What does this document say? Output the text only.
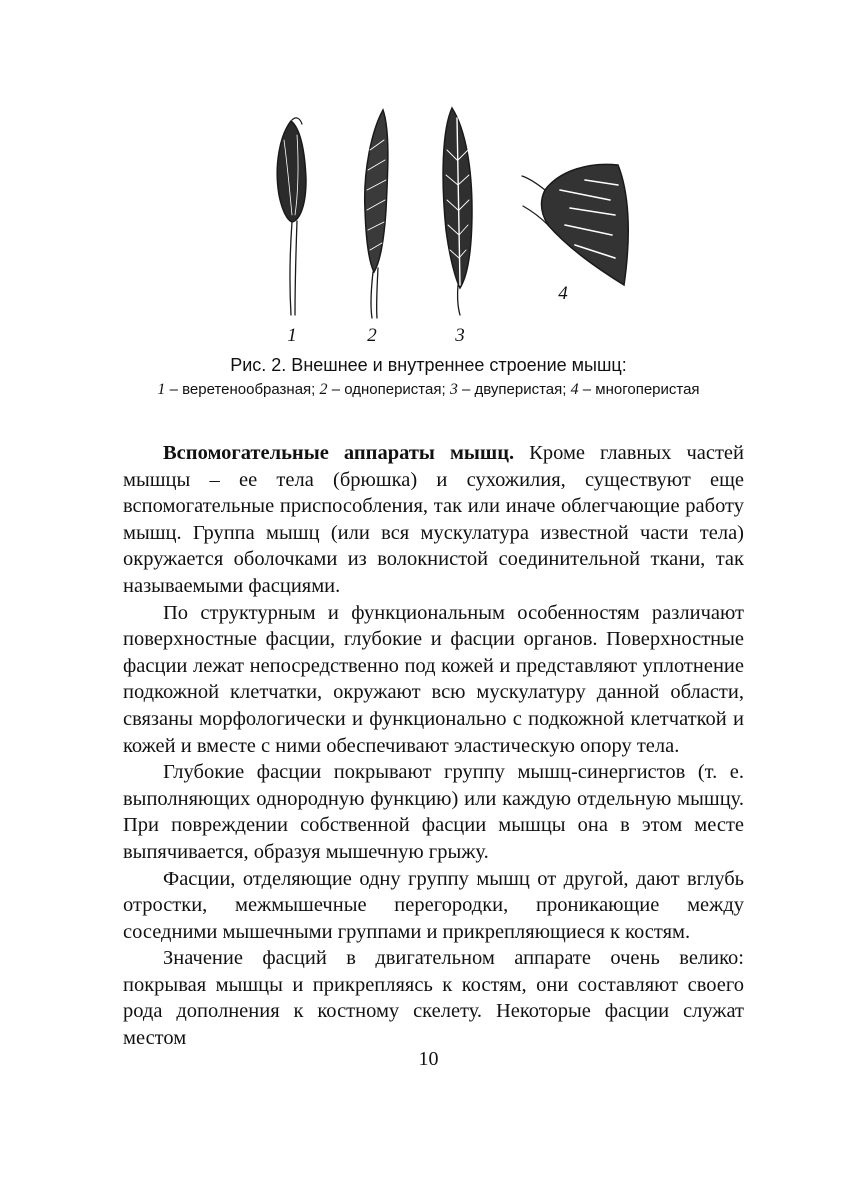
1	2	3
4
Рис. 2. Внешнее и внутреннее строение мышц:
1 – веретенообразная; 2 – одноперистая; 3 – двуперистая; 4 – многоперистая

Вспомогательные аппараты мышц. Кроме главных частей мышцы – ее тела (брюшка) и сухожилия, существуют еще вспомогательные приспособления, так или иначе облегчающие работу мышц. Группа мышц (или вся мускулатура известной части тела) окружается оболочками из волокнистой соединительной ткани, так называемыми фасциями.

По структурным и функциональным особенностям различают поверхностные фасции, глубокие и фасции органов. Поверхностные фасции лежат непосредственно под кожей и представляют уплотнение подкожной клетчатки, окружают всю мускулатуру данной области, связаны морфологически и функционально с подкожной клетчаткой и кожей и вместе с ними обеспечивают эластическую опору тела.

Глубокие фасции покрывают группу мышц-синергистов (т. е. выполняющих однородную функцию) или каждую отдельную мышцу. При повреждении собственной фасции мышцы она в этом месте выпячивается, образуя мышечную грыжу.

Фасции, отделяющие одну группу мышц от другой, дают вглубь отростки, межмышечные перегородки, проникающие между соседними мышечными группами и прикрепляющиеся к костям.

Значение фасций в двигательном аппарате очень велико: покрывая мышцы и прикрепляясь к костям, они составляют своего рода дополнения к костному скелету. Некоторые фасции служат местом

10
